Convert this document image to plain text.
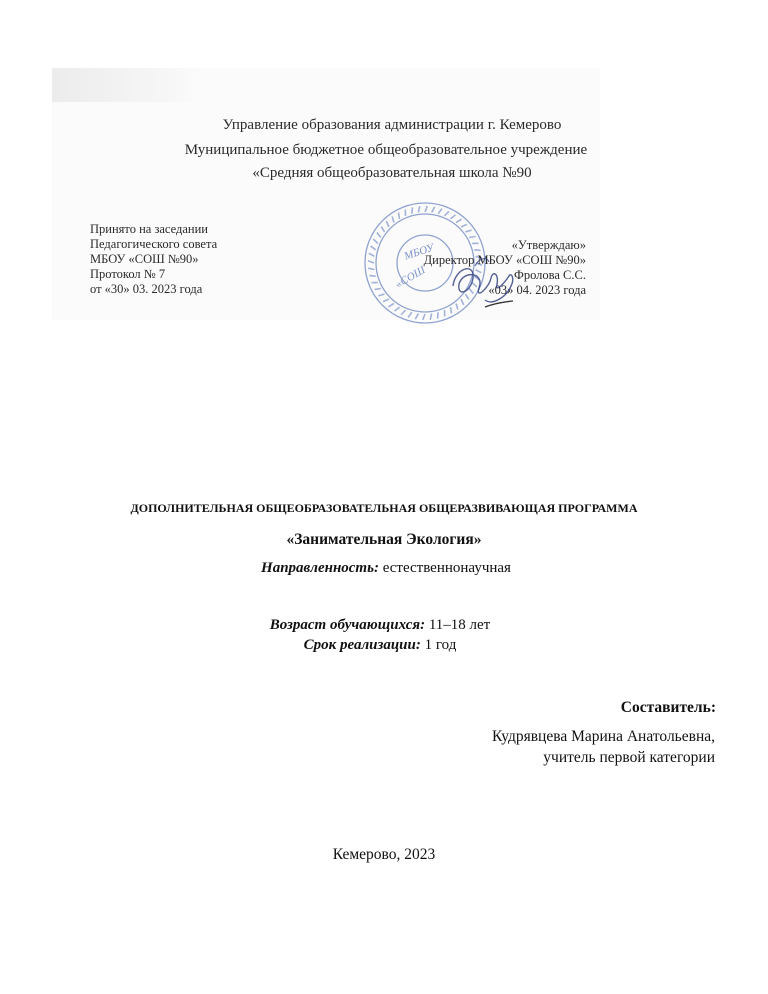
Управление образования администрации г. Кемерово
Муниципальное бюджетное общеобразовательное учреждение
«Средняя общеобразовательная школа №90
Принято на заседании
Педагогического совета
МБОУ «СОШ №90»
Протокол № 7
от «30» 03. 2023 года
МБОУ
«СОШ
«Утверждаю»
Директор МБОУ «СОШ №90»
Фролова С.С.
«03» 04. 2023 года
ДОПОЛНИТЕЛЬНАЯ ОБЩЕОБРАЗОВАТЕЛЬНАЯ ОБЩЕРАЗВИВАЮЩАЯ ПРОГРАММА
«Занимательная Экология»
Направленность: естественнонаучная
Возраст обучающихся: 11–18 лет
Срок реализации: 1 год
Составитель:
Кудрявцева Марина Анатольевна,
учитель первой категории
Кемерово, 2023
